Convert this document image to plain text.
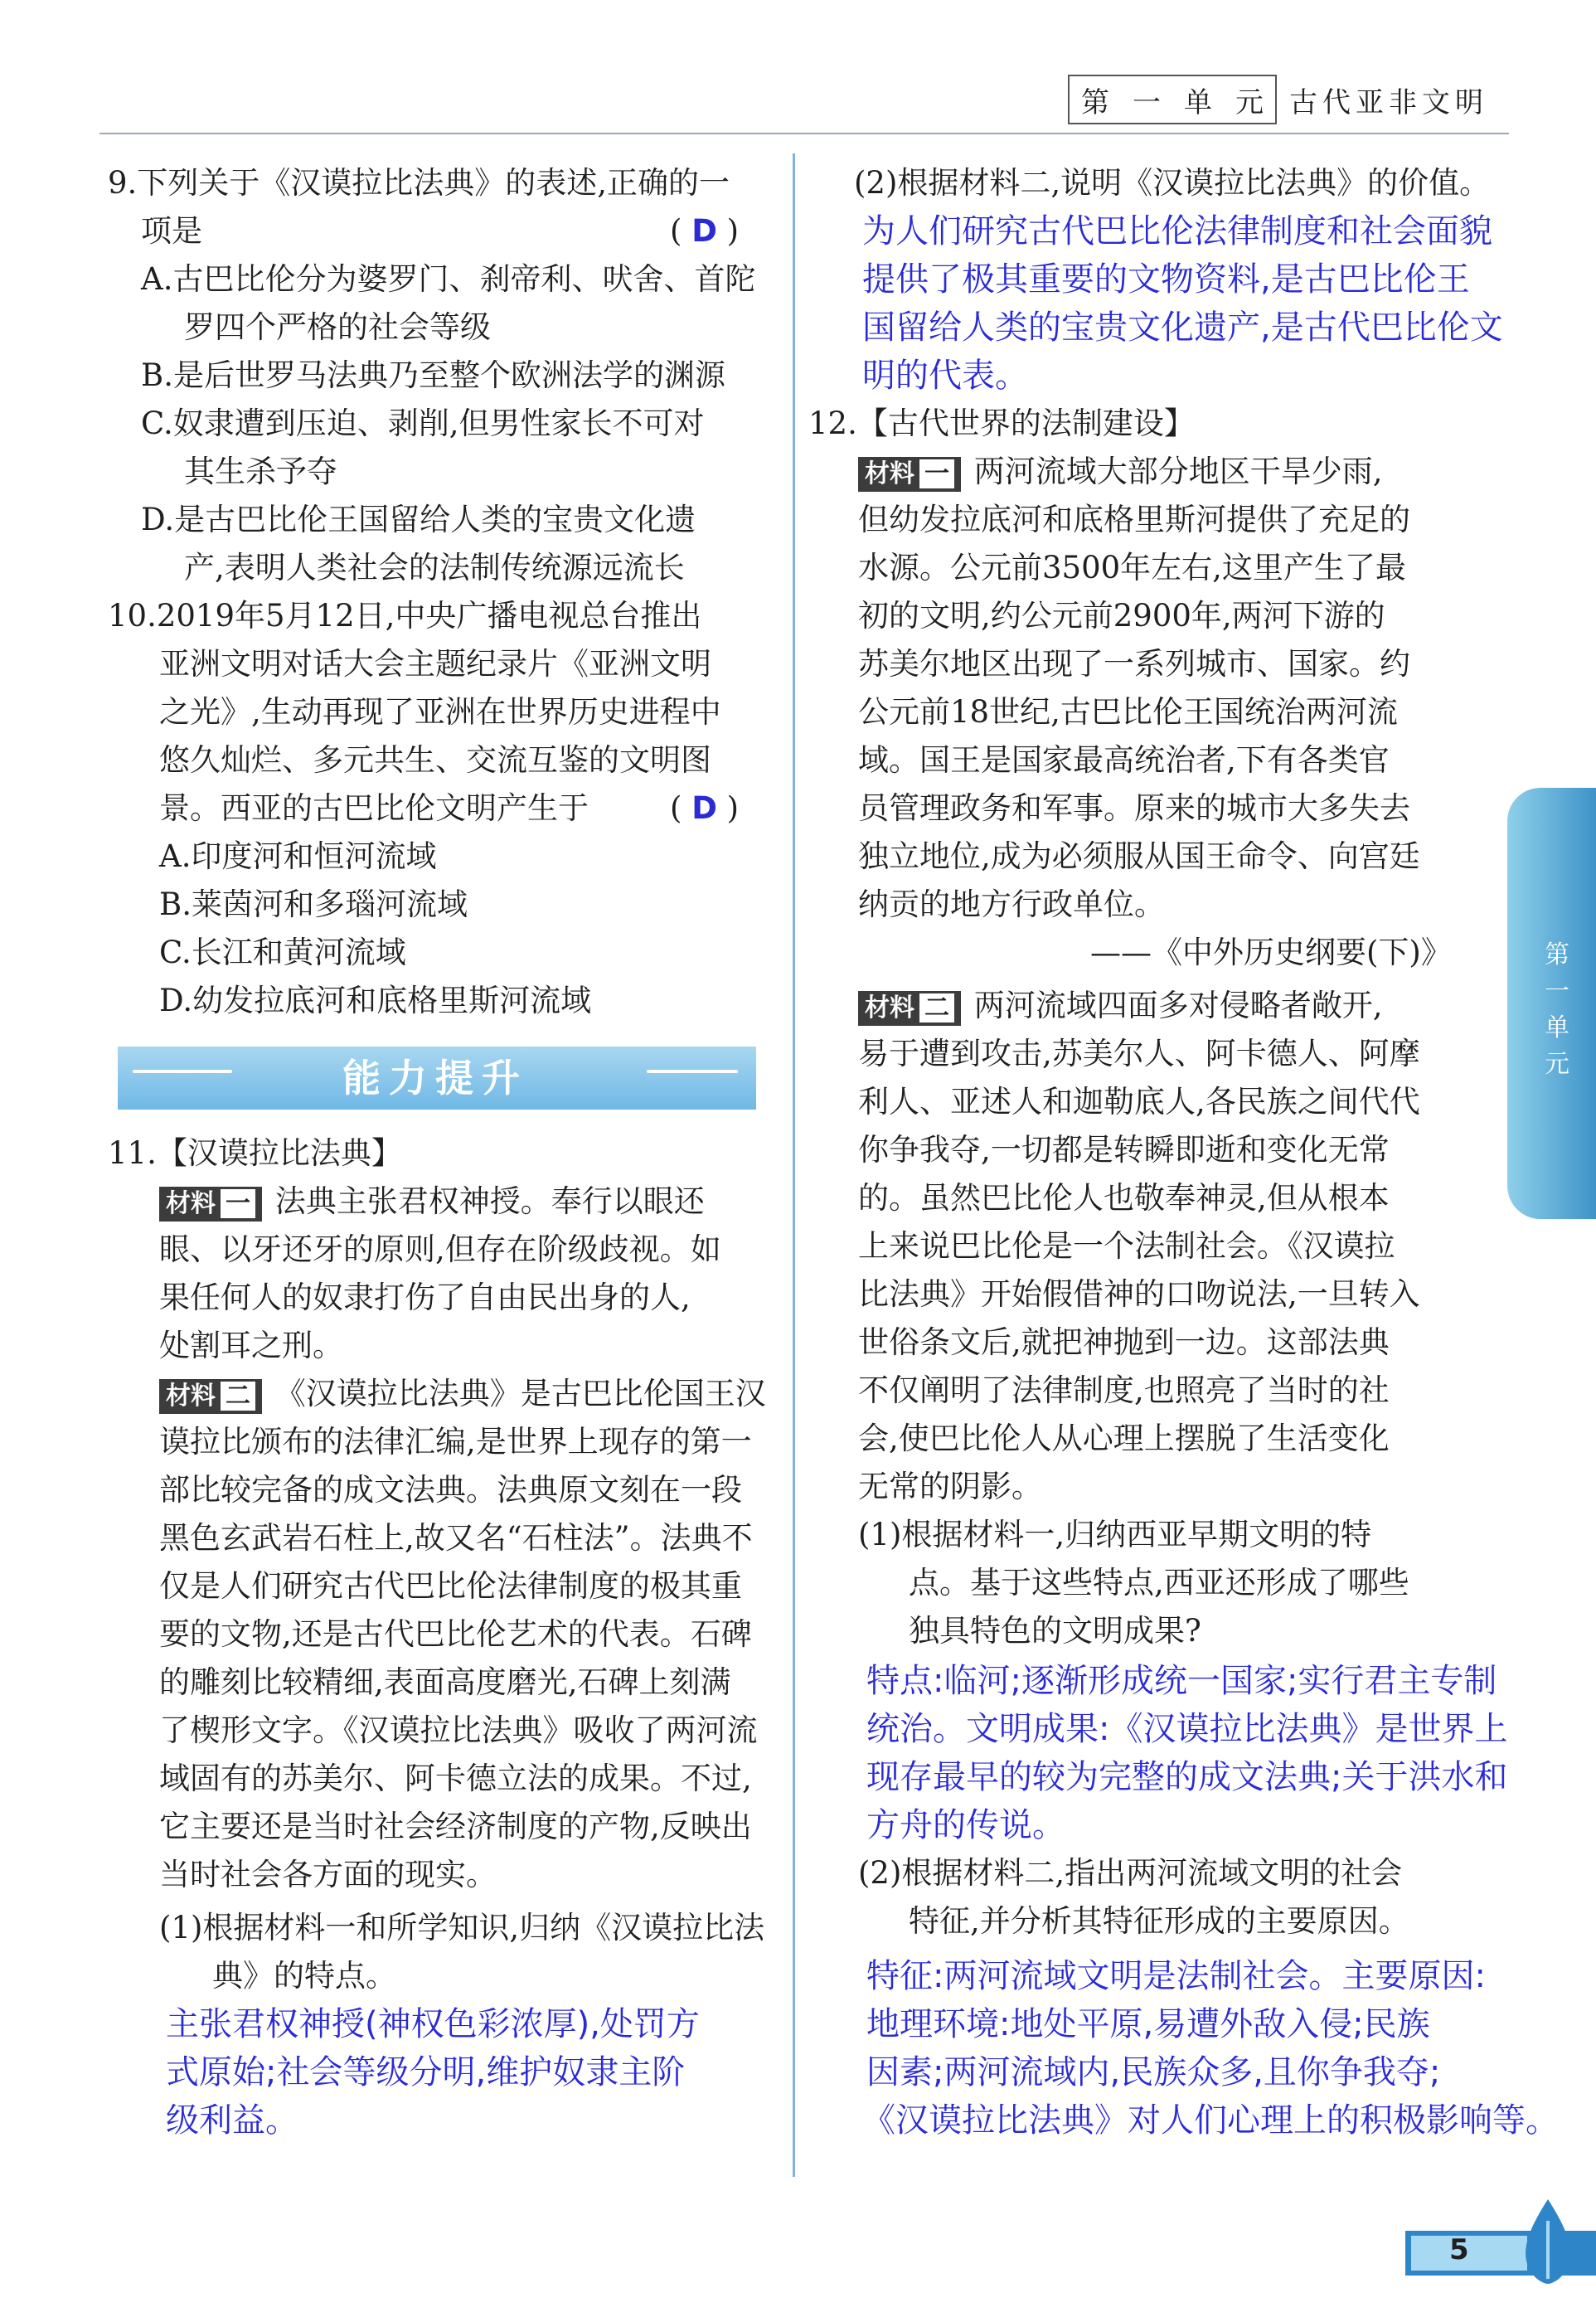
第 一 单 元 古代亚非文明
9.下列关于《汉谟拉比法典》的表述,正确的一
项是	( D )
A.古巴比伦分为婆罗门、刹帝利、吠舍、首陀
罗四个严格的社会等级
B.是后世罗马法典乃至整个欧洲法学的渊源
C.奴隶遭到压迫、剥削,但男性家长不可对
其生杀予夺
D.是古巴比伦王国留给人类的宝贵文化遗
产,表明人类社会的法制传统源远流长
10.2019年5月12日,中央广播电视总台推出
亚洲文明对话大会主题纪录片《亚洲文明
之光》,生动再现了亚洲在世界历史进程中
悠久灿烂、多元共生、交流互鉴的文明图
景。西亚的古巴比伦文明产生于	( D )
A.印度河和恒河流域
B.莱茵河和多瑙河流域
C.长江和黄河流域
D.幼发拉底河和底格里斯河流域
能力提升
11.【汉谟拉比法典】
材料 一 法典主张君权神授。奉行以眼还
眼、以牙还牙的原则,但存在阶级歧视。如
果任何人的奴隶打伤了自由民出身的人,
处割耳之刑。
材料 二 《汉谟拉比法典》是古巴比伦国王汉
谟拉比颁布的法律汇编,是世界上现存的第一
部比较完备的成文法典。法典原文刻在一段
黑色玄武岩石柱上,故又名“石柱法”。法典不
仅是人们研究古代巴比伦法律制度的极其重
要的文物,还是古代巴比伦艺术的代表。石碑
的雕刻比较精细,表面高度磨光,石碑上刻满
了楔形文字。《汉谟拉比法典》吸收了两河流
域固有的苏美尔、阿卡德立法的成果。不过,
它主要还是当时社会经济制度的产物,反映出
当时社会各方面的现实。
(1)根据材料一和所学知识,归纳《汉谟拉比法
典》的特点。
主张君权神授(神权色彩浓厚),处罚方
式原始;社会等级分明,维护奴隶主阶
级利益。
(2)根据材料二,说明《汉谟拉比法典》的价值。
为人们研究古代巴比伦法律制度和社会面貌
提供了极其重要的文物资料,是古巴比伦王
国留给人类的宝贵文化遗产,是古代巴比伦文
明的代表。
12.【古代世界的法制建设】
材料 一 两河流域大部分地区干旱少雨,
但幼发拉底河和底格里斯河提供了充足的
水源。公元前3500年左右,这里产生了最
初的文明,约公元前2900年,两河下游的
苏美尔地区出现了一系列城市、国家。约
公元前18世纪,古巴比伦王国统治两河流
域。国王是国家最高统治者,下有各类官
员管理政务和军事。原来的城市大多失去
独立地位,成为必须服从国王命令、向宫廷
纳贡的地方行政单位。
——《中外历史纲要(下)》
材料 二 两河流域四面多对侵略者敞开,
易于遭到攻击,苏美尔人、阿卡德人、阿摩
利人、亚述人和迦勒底人,各民族之间代代
你争我夺,一切都是转瞬即逝和变化无常
的。虽然巴比伦人也敬奉神灵,但从根本
上来说巴比伦是一个法制社会。《汉谟拉
比法典》开始假借神的口吻说法,一旦转入
世俗条文后,就把神抛到一边。这部法典
不仅阐明了法律制度,也照亮了当时的社
会,使巴比伦人从心理上摆脱了生活变化
无常的阴影。
(1)根据材料一,归纳西亚早期文明的特
点。基于这些特点,西亚还形成了哪些
独具特色的文明成果?
特点:临河;逐渐形成统一国家;实行君主专制
统治。文明成果:《汉谟拉比法典》是世界上
现存最早的较为完整的成文法典;关于洪水和
方舟的传说。
(2)根据材料二,指出两河流域文明的社会
特征,并分析其特征形成的主要原因。
特征:两河流域文明是法制社会。主要原因:
地理环境:地处平原,易遭外敌入侵;民族
因素;两河流域内,民族众多,且你争我夺;
《汉谟拉比法典》对人们心理上的积极影响等。
第一单元
5
